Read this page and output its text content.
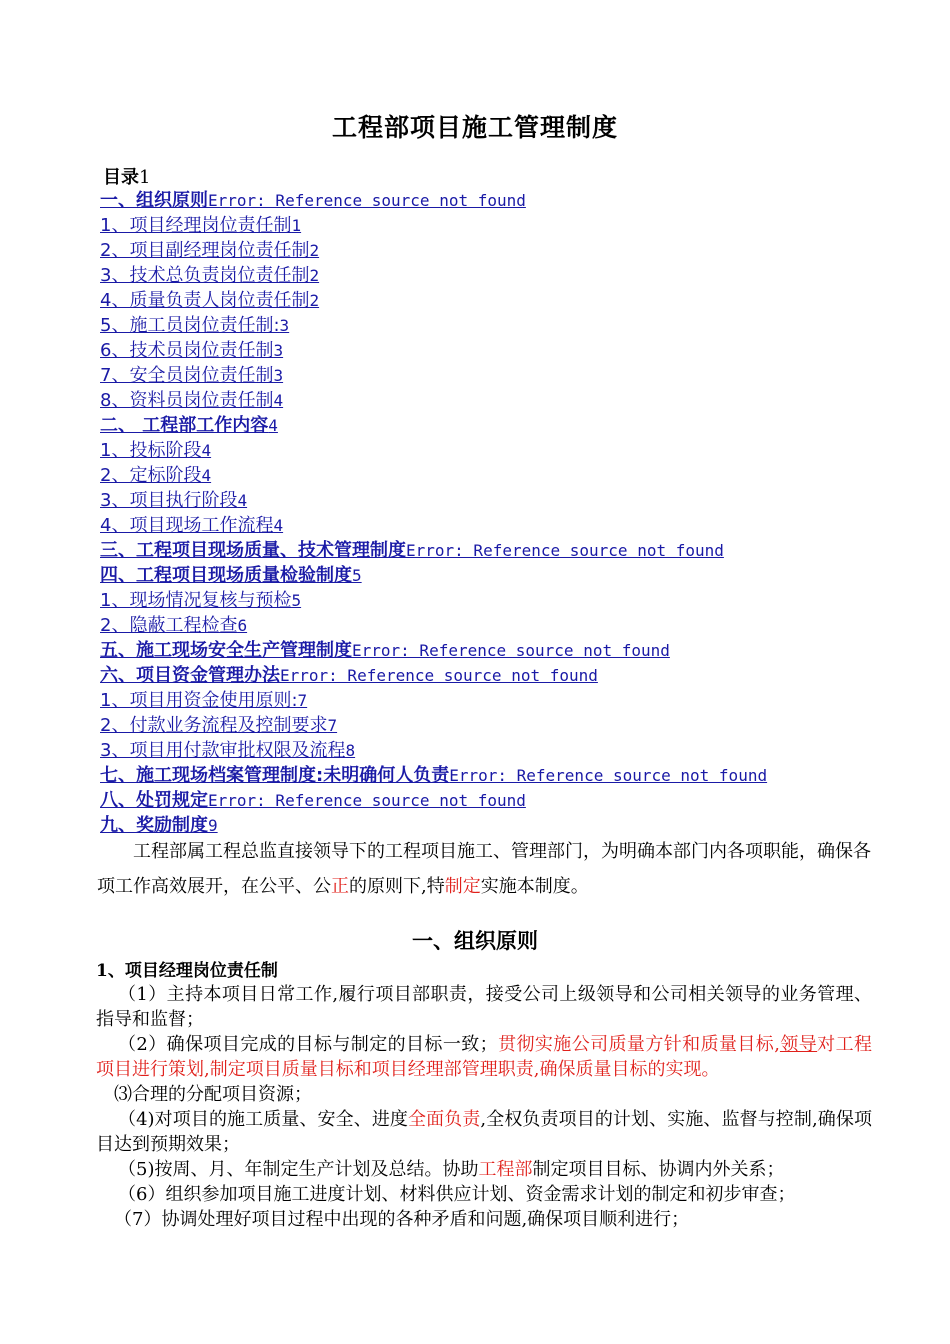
工程部项目施工管理制度
目录1
一、组织原则Error: Reference source not found
1、项目经理岗位责任制1
2、项目副经理岗位责任制2
3、技术总负责岗位责任制2
4、质量负责人岗位责任制2
5、施工员岗位责任制:3
6、技术员岗位责任制3
7、安全员岗位责任制3
8、资料员岗位责任制4
二、 工程部工作内容4
1、投标阶段4
2、定标阶段4
3、项目执行阶段4
4、项目现场工作流程4
三、工程项目现场质量、技术管理制度Error: Reference source not found
四、工程项目现场质量检验制度5
1、现场情况复核与预检5
2、隐蔽工程检查6
五、施工现场安全生产管理制度Error: Reference source not found
六、项目资金管理办法Error: Reference source not found
1、项目用资金使用原则:7
2、付款业务流程及控制要求7
3、项目用付款审批权限及流程8
七、施工现场档案管理制度:未明确何人负责Error: Reference source not found
八、处罚规定Error: Reference source not found
九、奖励制度9
工程部属工程总监直接领导下的工程项目施工、管理部门，为明确本部门内各项职能，确保各项工作高效展开，在公平、公正的原则下,特制定实施本制度。
一、组织原则
1、项目经理岗位责任制

（1）主持本项目日常工作,履行项目部职责，接受公司上级领导和公司相关领导的业务管理、指导和监督；

（2）确保项目完成的目标与制定的目标一致；贯彻实施公司质量方针和质量目标,领导对工程项目进行策划,制定项目质量目标和项目经理部管理职责,确保质量目标的实现。

⑶合理的分配项目资源；

（4)对项目的施工质量、安全、进度全面负责,全权负责项目的计划、实施、监督与控制,确保项目达到预期效果；

（5)按周、月、年制定生产计划及总结。协助工程部制定项目目标、协调内外关系；

（6）组织参加项目施工进度计划、材料供应计划、资金需求计划的制定和初步审查；

（7）协调处理好项目过程中出现的各种矛盾和问题,确保项目顺利进行；
